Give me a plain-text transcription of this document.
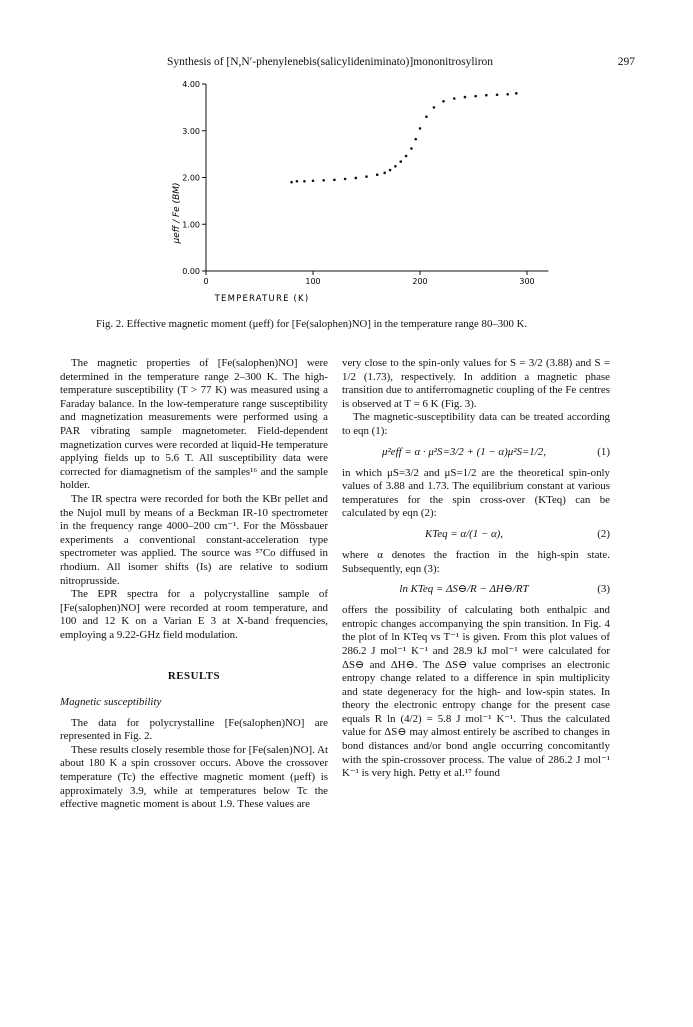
Synthesis of [N,N′-phenylenebis(salicylideniminato)]mononitrosyliron	297
0.00
1.00
2.00
3.00
4.00
0	100	200	300
TEMPERATURE (K)
μeff / Fe (BM)
Fig. 2. Effective magnetic moment (μeff) for [Fe(salophen)NO] in the temperature range 80–300 K.

The magnetic properties of [Fe(salophen)NO] were determined in the temperature range 2–300 K. The high-temperature susceptibility (T > 77 K) was measured using a Faraday balance. In the low-temperature range susceptibility and magnetization measurements were performed using a PAR vibrating sample magnetometer. Field-dependent magnetization curves were recorded at liquid-He temperature applying fields up to 5.6 T. All susceptibility data were corrected for diamagnetism of the samples¹⁶ and the sample holder.

The IR spectra were recorded for both the KBr pellet and the Nujol mull by means of a Beckman IR-10 spectrometer in the frequency range 4000–200 cm⁻¹. For the Mössbauer experiments a conventional constant-acceleration type spectrometer was applied. The source was ⁵⁷Co diffused in rhodium. All isomer shifts (Is) are relative to sodium nitroprusside.

The EPR spectra for a polycrystalline sample of [Fe(salophen)NO] were recorded at room temperature, and 100 and 12 K on a Varian E 3 at X-band frequencies, employing a 9.22-GHz field modulation.

RESULTS
Magnetic susceptibility

The data for polycrystalline [Fe(salophen)NO] are represented in Fig. 2.

These results closely resemble those for [Fe(salen)NO]. At about 180 K a spin crossover occurs. Above the crossover temperature (Tc) the effective magnetic moment (μeff) is approximately 3.9, while at temperatures below Tc the effective magnetic moment is about 1.9. These values are

very close to the spin-only values for S = 3/2 (3.88) and S = 1/2 (1.73), respectively. In addition a magnetic phase transition due to antiferromagnetic coupling of the Fe centres is observed at T = 6 K (Fig. 3).

The magnetic-susceptibility data can be treated according to eqn (1):

μ²eff = α · μ²S=3/2 + (1 − α)μ²S=1/2,	(1)

in which μS=3/2 and μS=1/2 are the theoretical spin-only values of 3.88 and 1.73. The equilibrium constant at various temperatures for the spin cross-over (KTeq) can be calculated by eqn (2):

KTeq = α/(1 − α),	(2)

where α denotes the fraction in the high-spin state. Subsequently, eqn (3):

ln KTeq = ΔS⊖/R − ΔH⊖/RT	(3)

offers the possibility of calculating both enthalpic and entropic changes accompanying the spin transition. In Fig. 4 the plot of ln KTeq vs T⁻¹ is given. From this plot values of 286.2 J mol⁻¹ K⁻¹ and 28.9 kJ mol⁻¹ were calculated for ΔS⊖ and ΔH⊖. The ΔS⊖ value comprises an electronic entropy change related to a difference in spin multiplicity and state degeneracy for the high- and low-spin states. In theory the electronic entropy change for the present case equals R ln (4/2) = 5.8 J mol⁻¹ K⁻¹. Thus the calculated value for ΔS⊖ may almost entirely be ascribed to changes in bond distances and/or bond angle occurring concomitantly with the spin-crossover process. The value of 286.2 J mol⁻¹ K⁻¹ is very high. Petty et al.¹⁷ found
